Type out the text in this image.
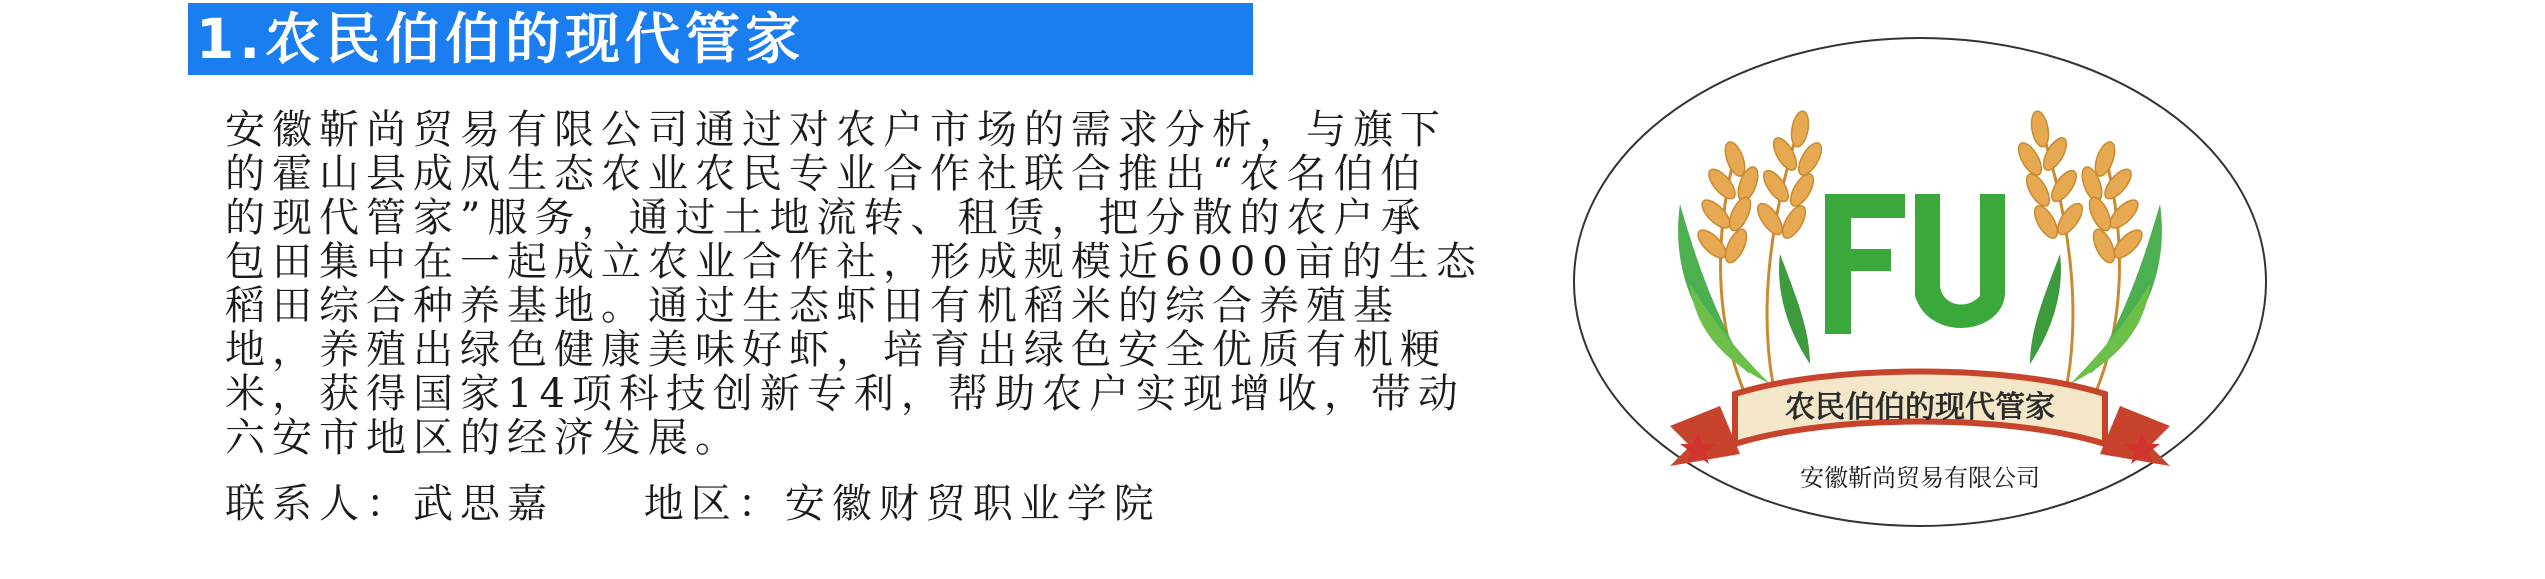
1.农民伯伯的现代管家
安徽靳尚贸易有限公司通过对农户市场的需求分析，与旗下
的霍山县成凤生态农业农民专业合作社联合推出“农名伯伯
的现代管家”服务，通过土地流转、租赁，把分散的农户承
包田集中在一起成立农业合作社，形成规模近6000亩的生态
稻田综合种养基地。通过生态虾田有机稻米的综合养殖基
地，养殖出绿色健康美味好虾，培育出绿色安全优质有机粳
米，获得国家14项科技创新专利，帮助农户实现增收，带动
六安市地区的经济发展。
联系人：武思嘉 地区：安徽财贸职业学院
农民伯伯的现代管家
安徽靳尚贸易有限公司
